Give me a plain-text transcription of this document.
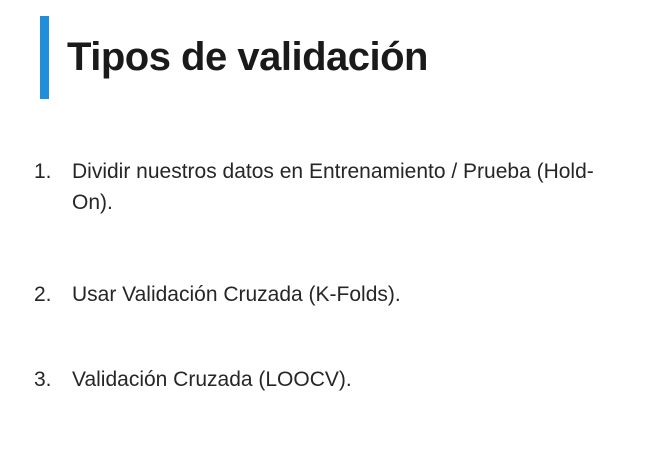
Tipos de validación
1. Dividir nuestros datos en Entrenamiento / Prueba (Hold-On).
2. Usar Validación Cruzada (K-Folds).
3. Validación Cruzada (LOOCV).
